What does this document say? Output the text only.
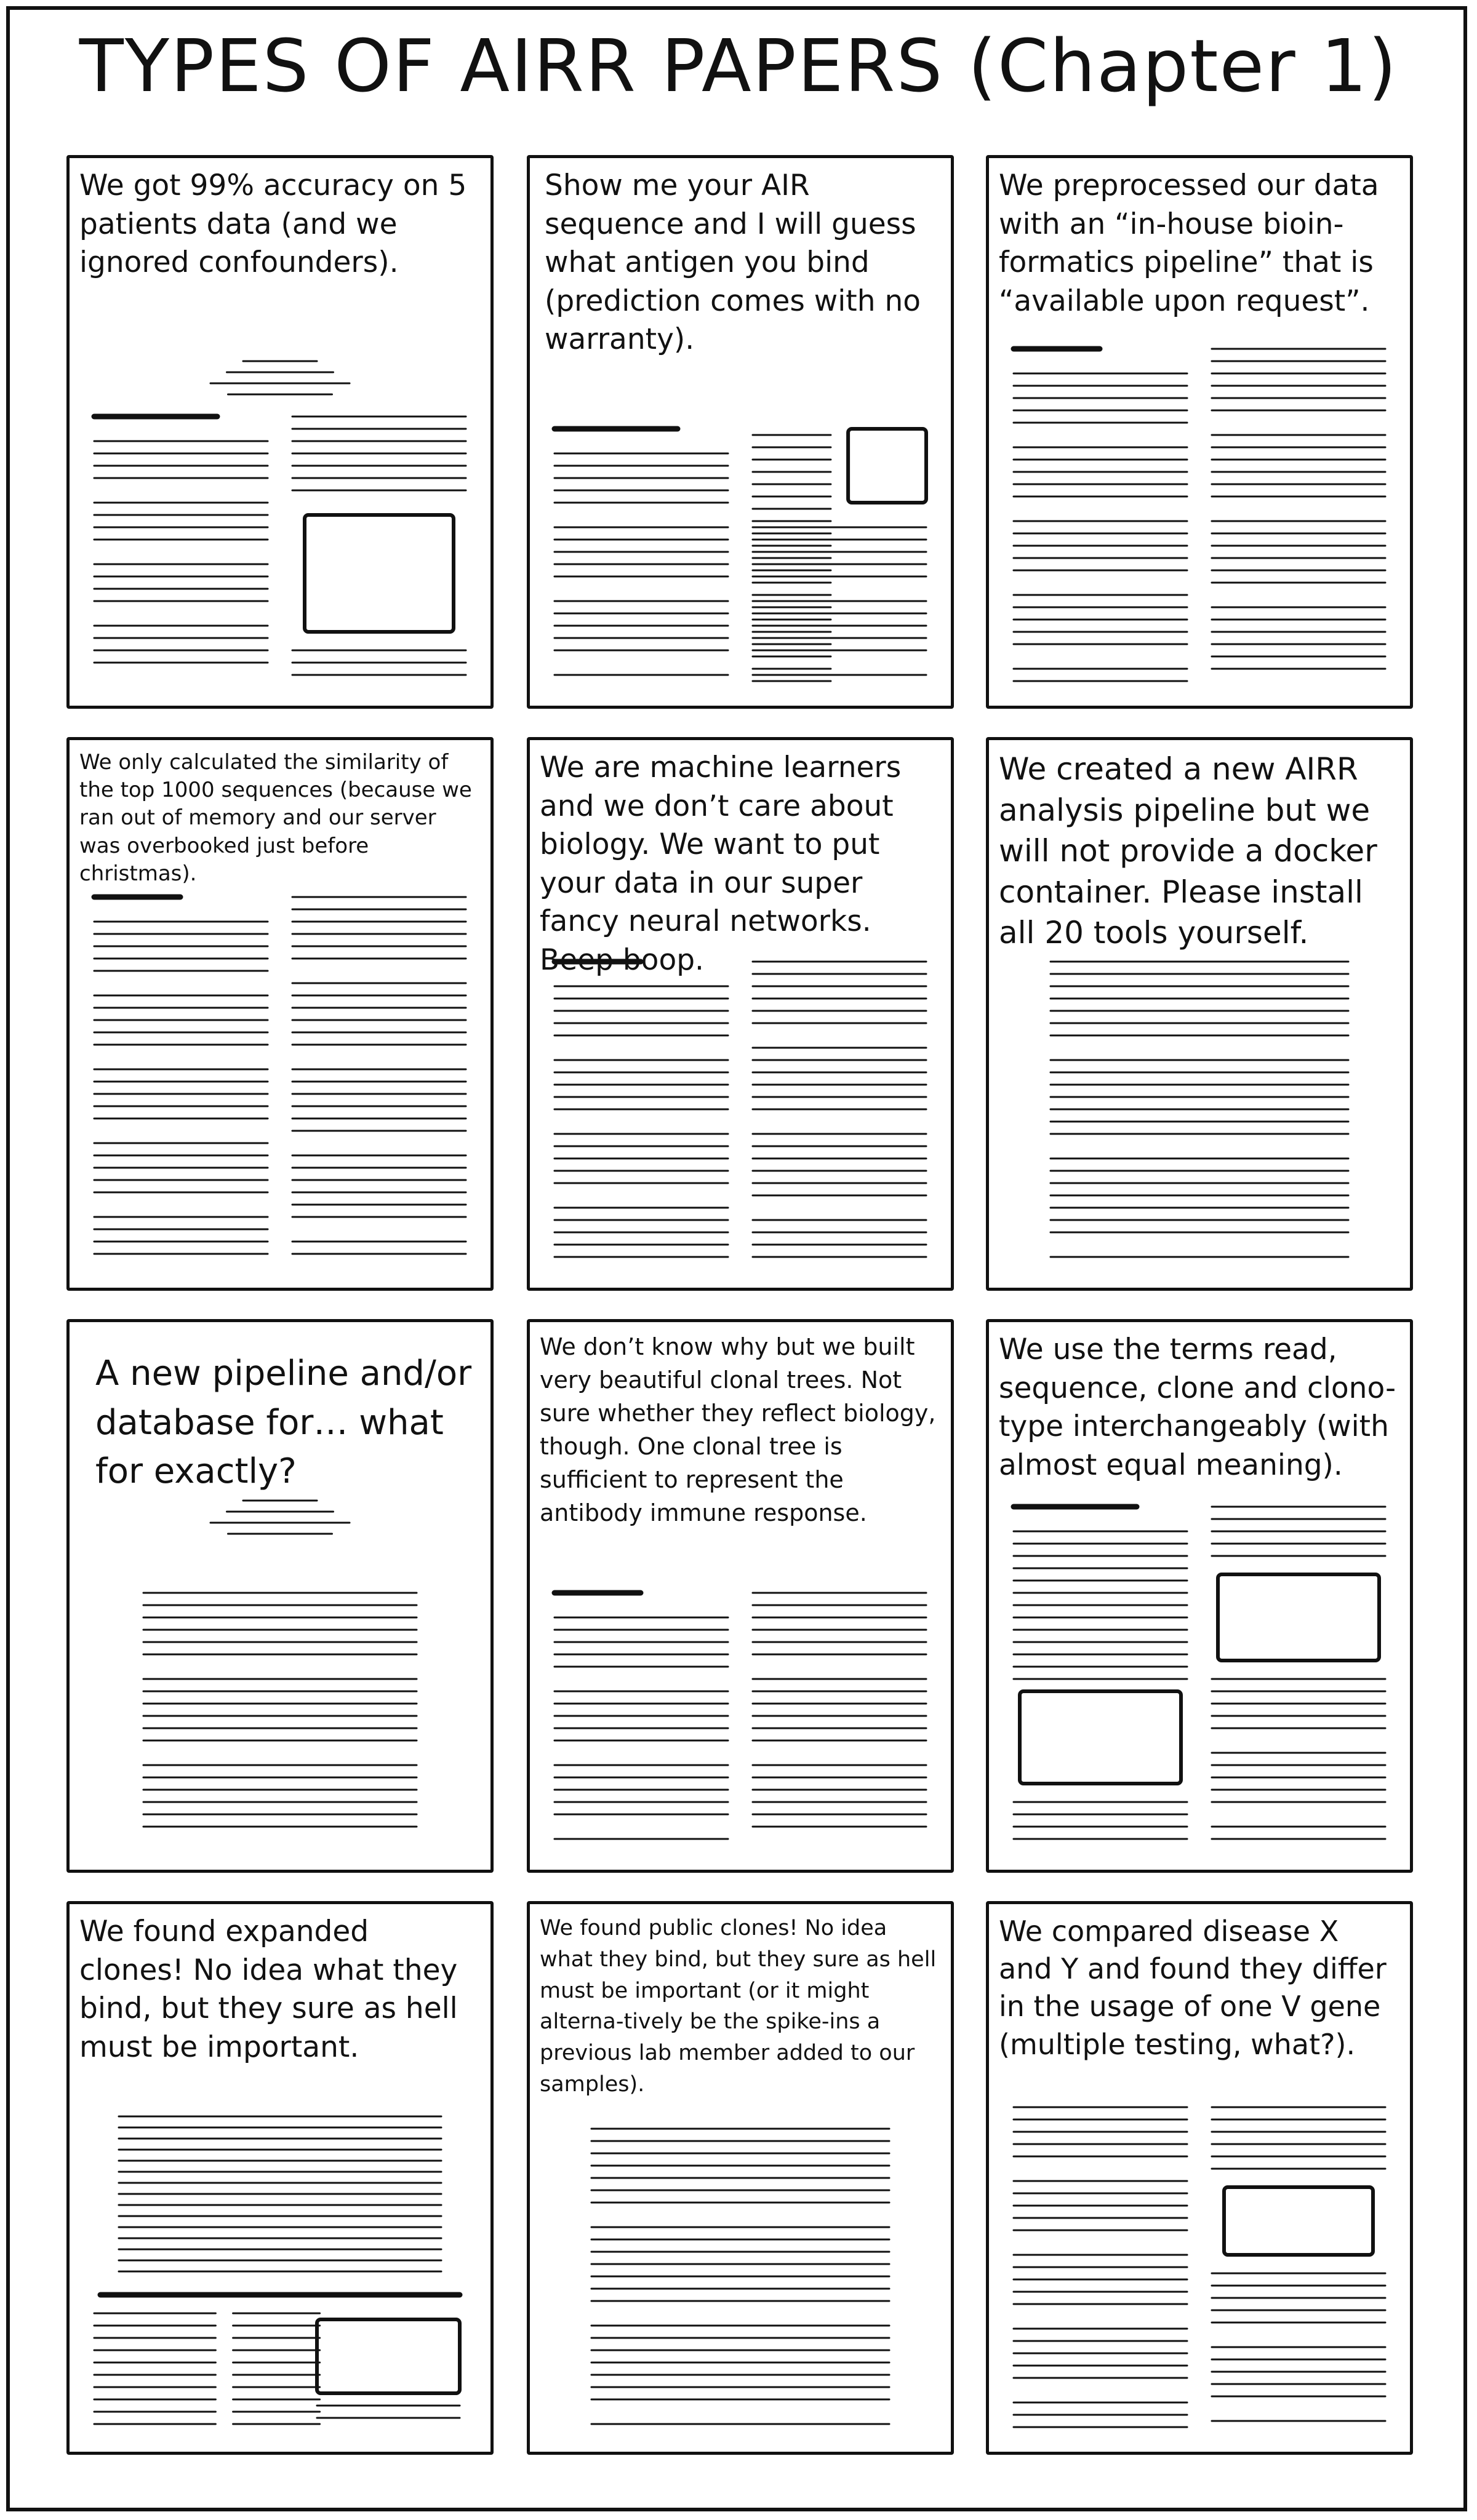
TYPES OF AIRR PAPERS (Chapter 1)

We got 99% accuracy on 5 patients data (and we ignored confounders).

Show me your AIR sequence and I will guess what antigen you bind (prediction comes with no warranty).

We preprocessed our data with an “in-house bioin-formatics pipeline” that is “available upon request”.

We only calculated the similarity of the top 1000 sequences (because we ran out of memory and our server was overbooked just before christmas).

We are machine learners and we don’t care about biology. We want to put your data in our super fancy neural networks. Beep boop.

We created a new AIRR analysis pipeline but we will not provide a docker container. Please install all 20 tools yourself.

A new pipeline and/or database for… what for exactly?

We don’t know why but we built very beautiful clonal trees. Not sure whether they reflect biology, though. One clonal tree is sufficient to represent the antibody immune response.

We use the terms read, sequence, clone and clono-type interchangeably (with almost equal meaning).

We found expanded clones! No idea what they bind, but they sure as hell must be important.

We found public clones! No idea what they bind, but they sure as hell must be important (or it might alterna-tively be the spike-ins a previous lab member added to our samples).

We compared disease X and Y and found they differ in the usage of one V gene (multiple testing, what?).
